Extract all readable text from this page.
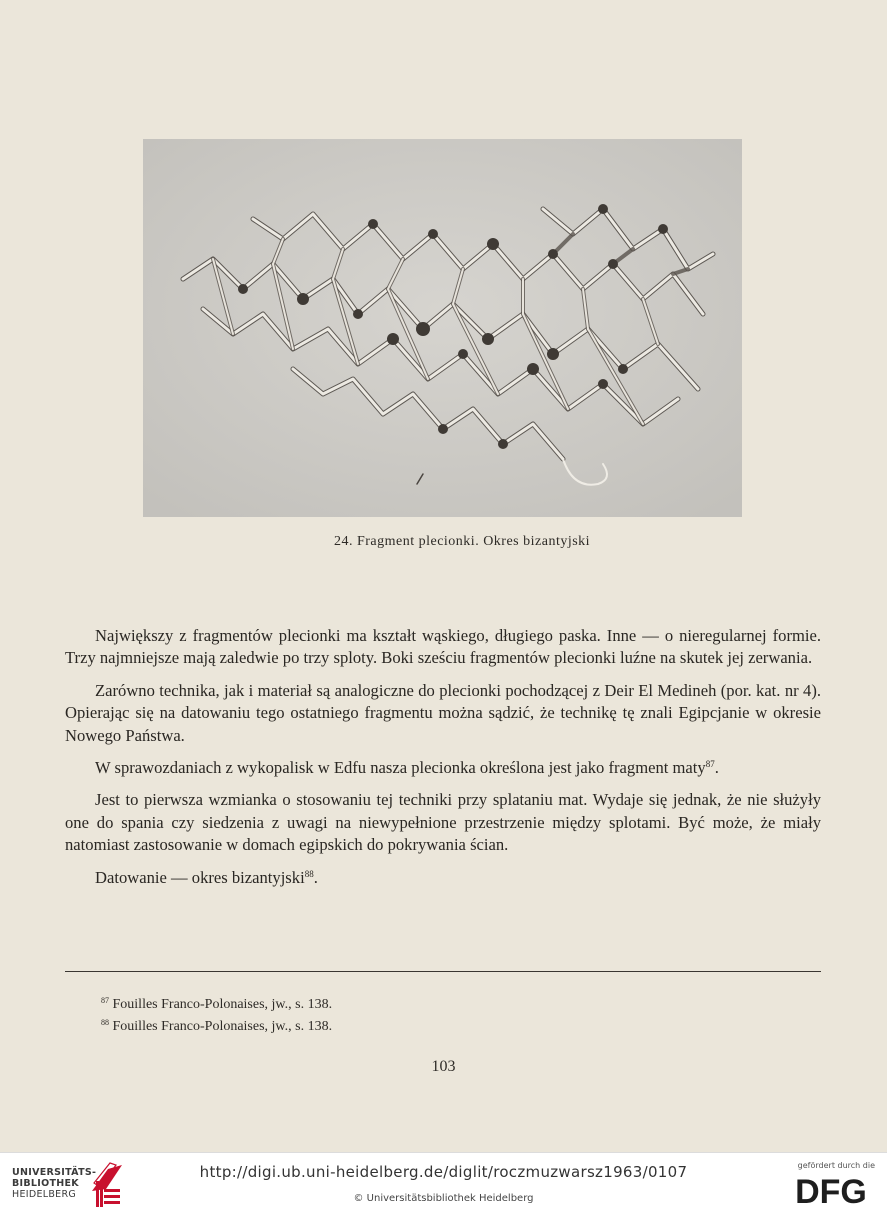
24. Fragment plecionki. Okres bizantyjski

Największy z fragmentów plecionki ma kształt wąskiego, długiego paska. Inne — o nieregularnej formie. Trzy najmniejsze mają zaledwie po trzy sploty. Boki sześciu fragmentów plecionki luźne na skutek jej zerwania.

Zarówno technika, jak i materiał są analogiczne do plecionki pochodzącej z Deir El Medineh (por. kat. nr 4). Opierając się na datowaniu tego ostatniego fragmentu można sądzić, że technikę tę znali Egipcjanie w okresie Nowego Państwa.

W sprawozdaniach z wykopalisk w Edfu nasza plecionka określona jest jako fragment maty$^{87}$.

Jest to pierwsza wzmianka o stosowaniu tej techniki przy splataniu mat. Wydaje się jednak, że nie służyły one do spania czy siedzenia z uwagi na niewypełnione przestrzenie między splotami. Być może, że miały natomiast zastosowanie w domach egipskich do pokrywania ścian.

Datowanie — okres bizantyjski$^{88}$.

$^{87}$ Fouilles Franco-Polonaises, jw., s. 138.
$^{88}$ Fouilles Franco-Polonaises, jw., s. 138.
103
UNIVERSITÄTS-
BIBLIOTHEK
HEIDELBERG
http://digi.ub.uni-heidelberg.de/diglit/roczmuzwarsz1963/0107
© Universitätsbibliothek Heidelberg
gefördert durch die
DFG
